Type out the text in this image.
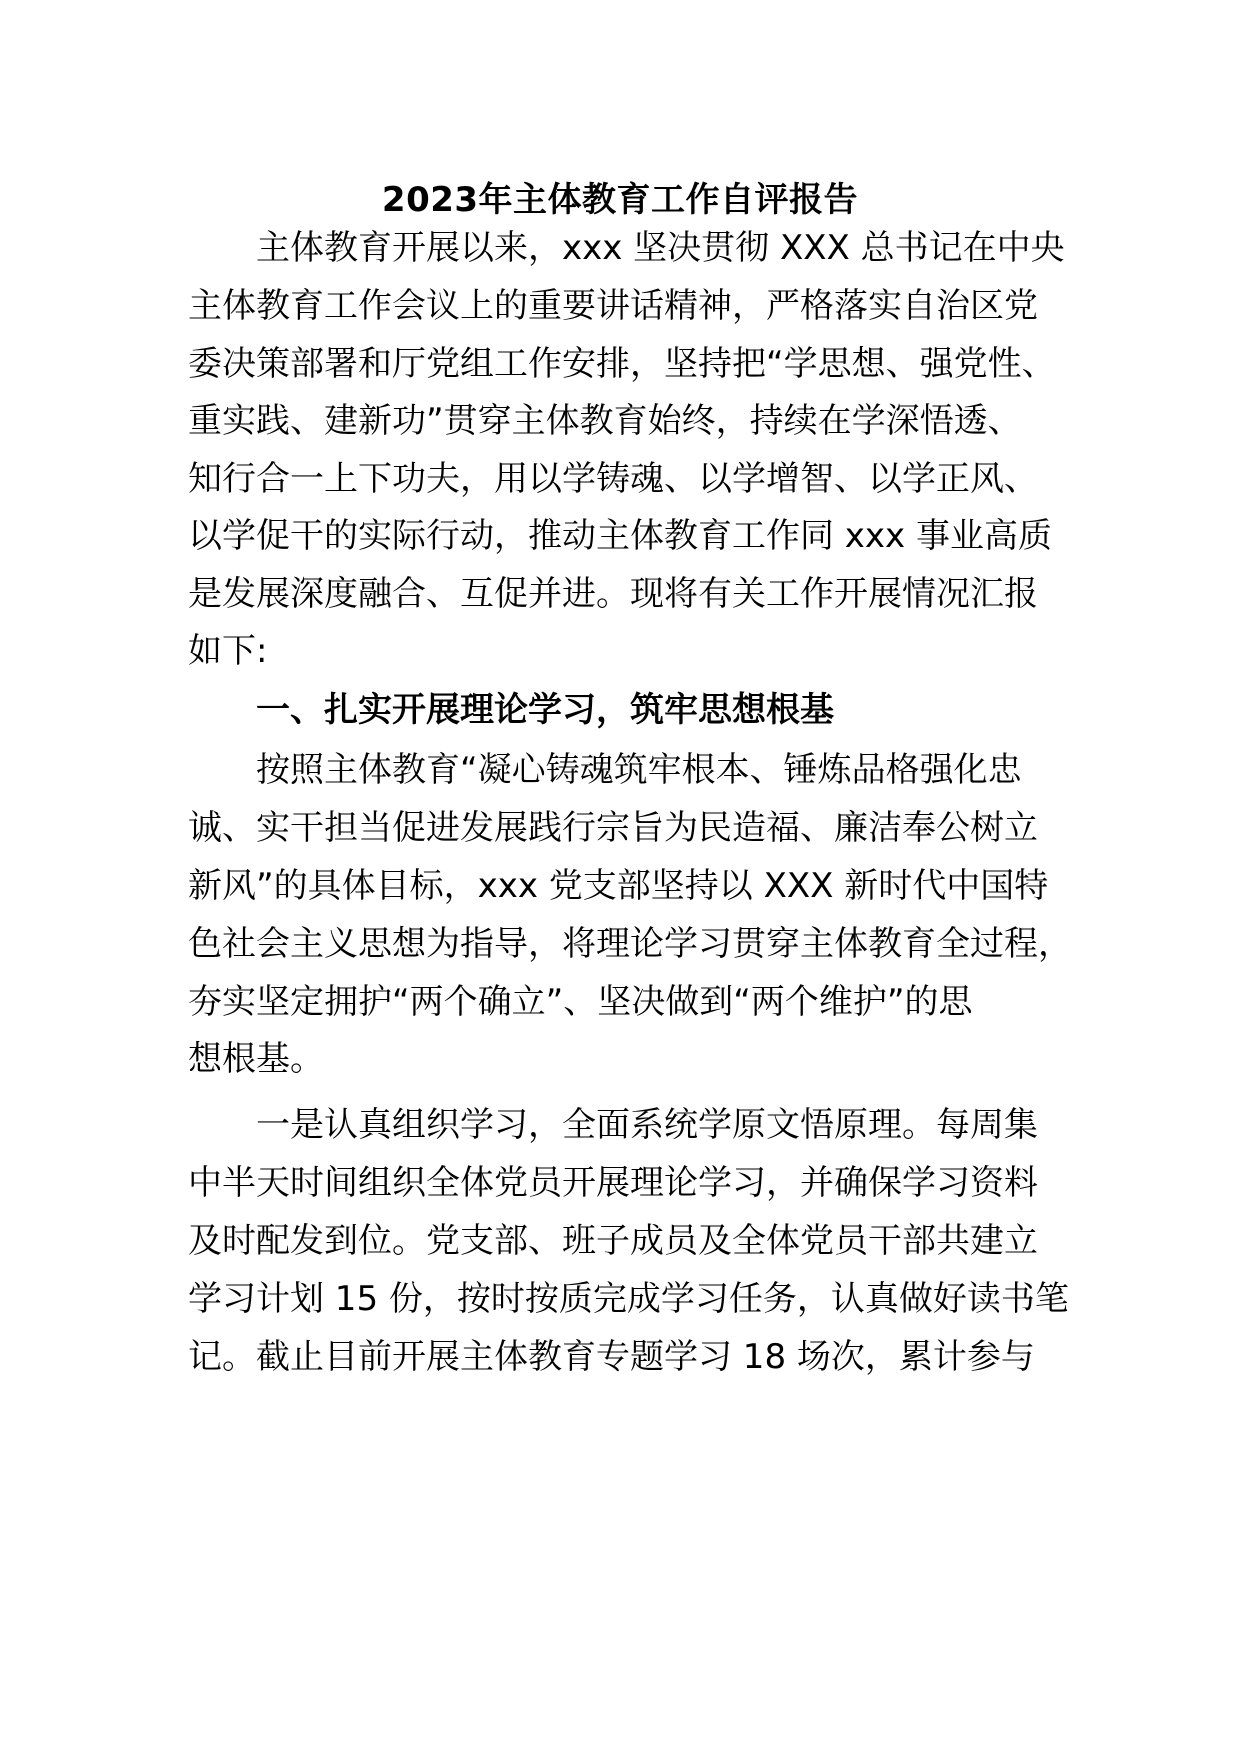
2023年主体教育工作自评报告
主体教育开展以来，xxx 坚决贯彻 XXX 总书记在中央
主体教育工作会议上的重要讲话精神，严格落实自治区党
委决策部署和厅党组工作安排，坚持把“学思想、强党性、
重实践、建新功”贯穿主体教育始终，持续在学深悟透、
知行合一上下功夫，用以学铸魂、以学增智、以学正风、
以学促干的实际行动，推动主体教育工作同 xxx 事业高质
是发展深度融合、互促并进。现将有关工作开展情况汇报
如下:
一、扎实开展理论学习，筑牢思想根基
按照主体教育“凝心铸魂筑牢根本、锤炼品格强化忠
诚、实干担当促进发展践行宗旨为民造福、廉洁奉公树立
新风”的具体目标，xxx 党支部坚持以 XXX 新时代中国特
色社会主义思想为指导，将理论学习贯穿主体教育全过程，
夯实坚定拥护“两个确立”、坚决做到“两个维护”的思
想根基。
一是认真组织学习，全面系统学原文悟原理。每周集
中半天时间组织全体党员开展理论学习，并确保学习资料
及时配发到位。党支部、班子成员及全体党员干部共建立
学习计划 15 份，按时按质完成学习任务，认真做好读书笔
记。截止目前开展主体教育专题学习 18 场次，累计参与
